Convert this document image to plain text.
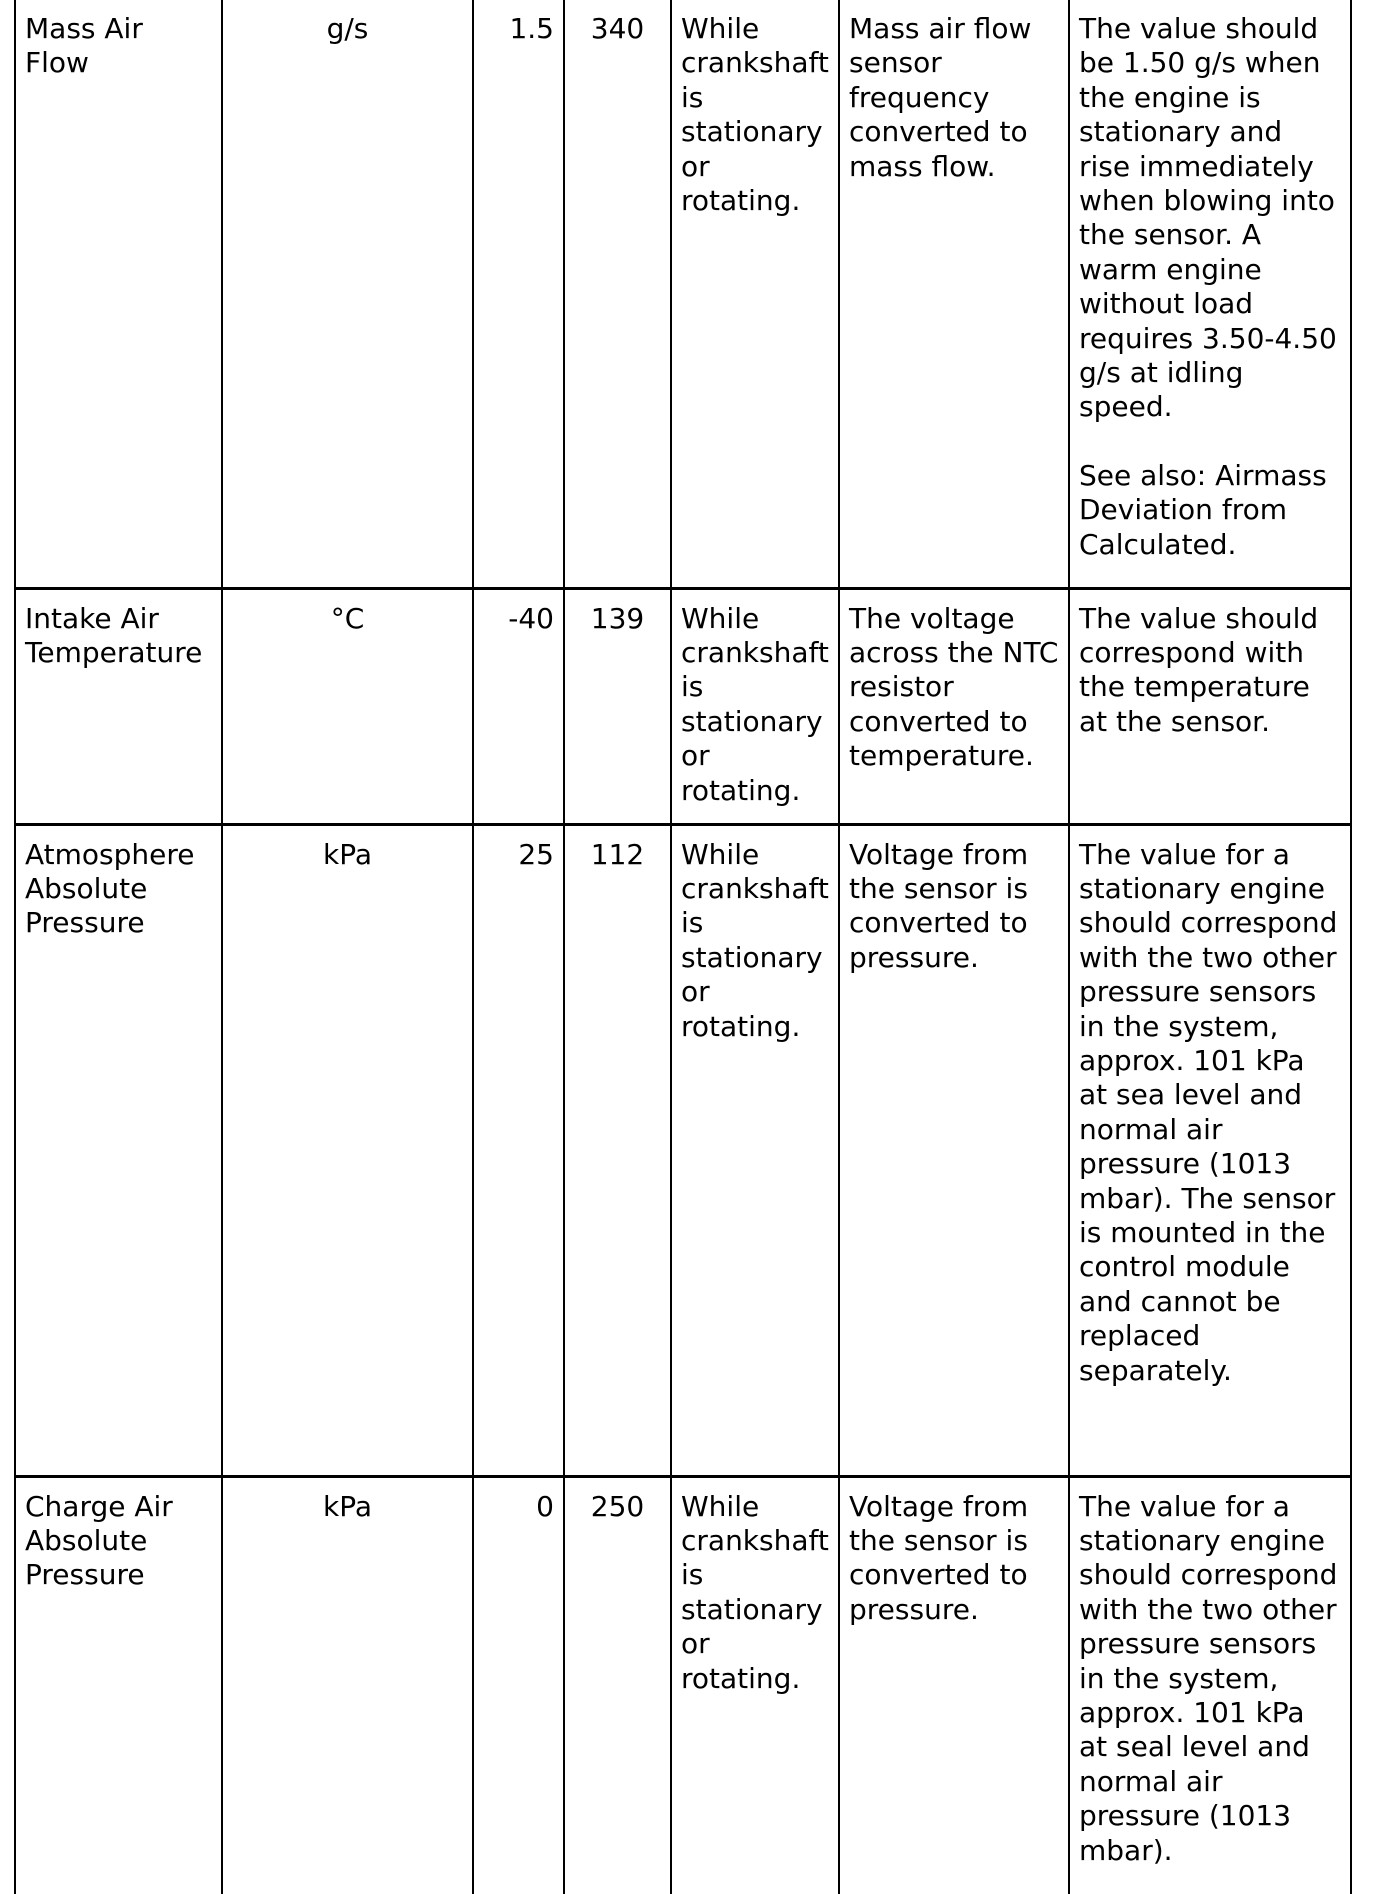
Mass Air Flow	g/s	1.5	340	While crankshaft is stationary or rotating.	Mass air flow sensor frequency converted to mass flow.	The value should be 1.50 g/s when the engine is stationary and rise immediately when blowing into the sensor. A warm engine without load requires 3.50-4.50 g/s at idling speed.
See also: Airmass Deviation from Calculated.

Intake Air Temperature	°C	-40	139	While crankshaft is stationary or rotating.	The voltage across the NTC resistor converted to temperature.	The value should correspond with the temperature at the sensor.
Atmosphere Absolute Pressure	kPa	25	112	While crankshaft is stationary or rotating.	Voltage from the sensor is converted to pressure.	The value for a stationary engine should correspond with the two other pressure sensors in the system, approx. 101 kPa at sea level and normal air pressure (1013 mbar). The sensor is mounted in the control module and cannot be replaced separately.
Charge Air Absolute Pressure	kPa	0	250	While crankshaft is stationary or rotating.	Voltage from the sensor is converted to pressure.	The value for a stationary engine should correspond with the two other pressure sensors in the system, approx. 101 kPa at seal level and normal air pressure (1013 mbar).
